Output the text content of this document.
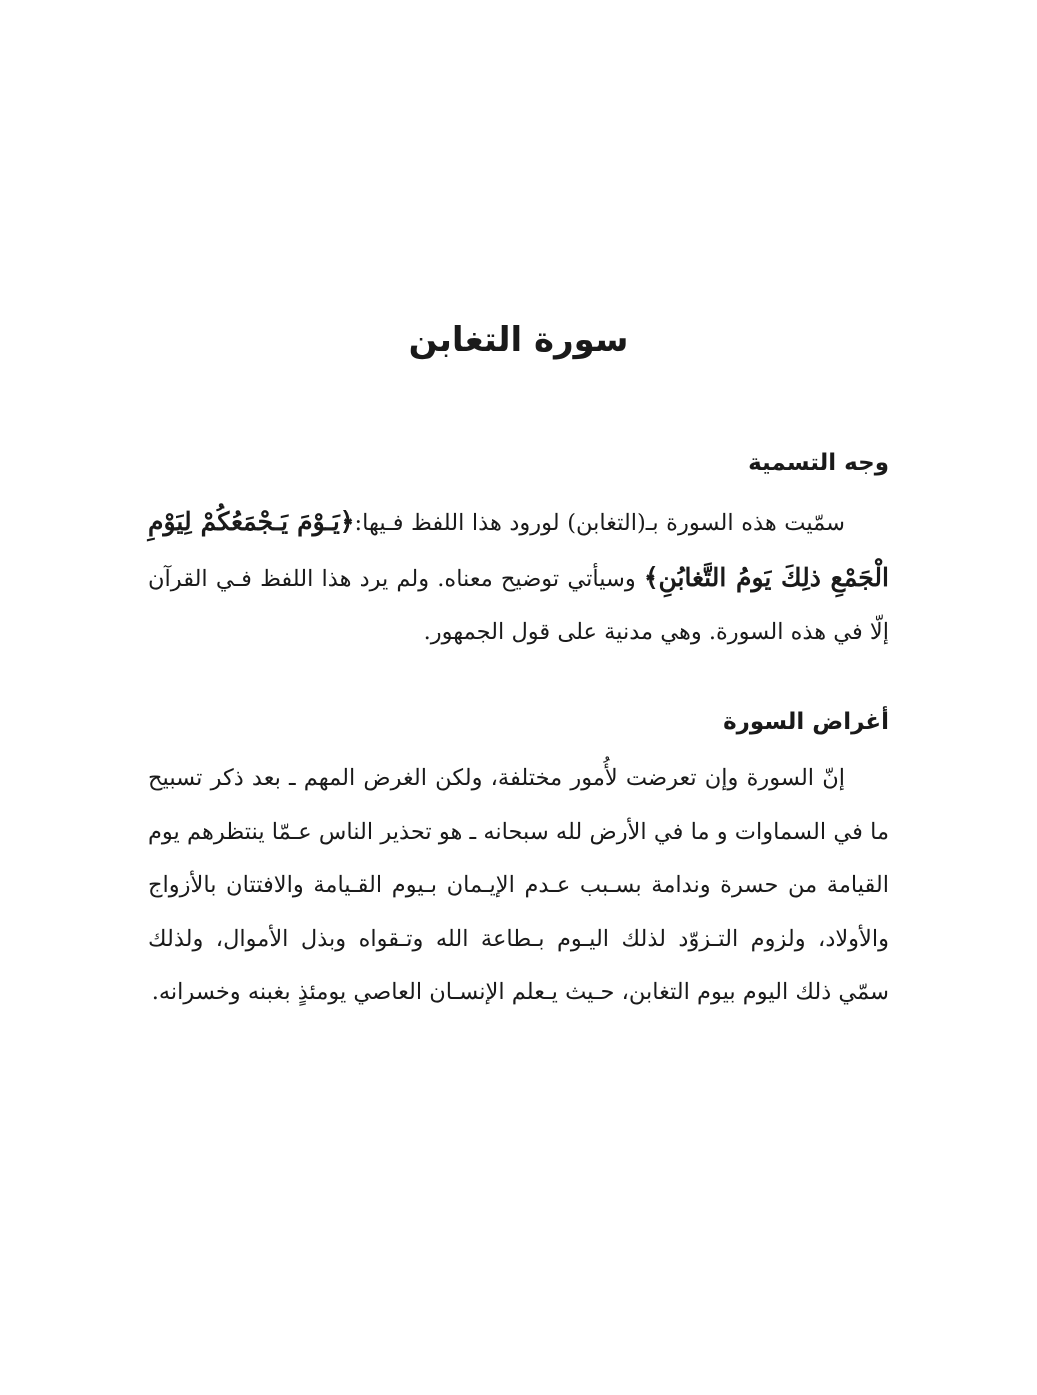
سورة التغابن
وجه التسمية

سمّيت هذه السورة بـ(التغابن) لورود هذا اللفظ فـيها:﴿يَـوْمَ يَـجْمَعُكُمْ لِيَوْمِ الْجَمْعِ ذلِكَ يَومُ التَّغابُنِ﴾ وسيأتي توضيح معناه. ولم يرد هذا اللفظ فـي القرآن إلّا في هذه السورة. وهي مدنية على قول الجمهور.

أغراض السورة

إنّ السورة وإن تعرضت لأُمور مختلفة، ولكن الغرض المهم ـ بعد ذكر تسبيح ما في السماوات و ما في الأرض لله سبحانه ـ هو تحذير الناس عـمّا ينتظرهم يوم القيامة من حسرة وندامة بسـبب عـدم الإيـمان بـيوم القـيامة والافتتان بالأزواج والأولاد، ولزوم التـزوّد لذلك اليـوم بـطاعة الله وتـقواه وبذل الأموال، ولذلك سمّي ذلك اليوم بيوم التغابن، حـيث يـعلم الإنسـان العاصي يومئذٍ بغبنه وخسرانه.
